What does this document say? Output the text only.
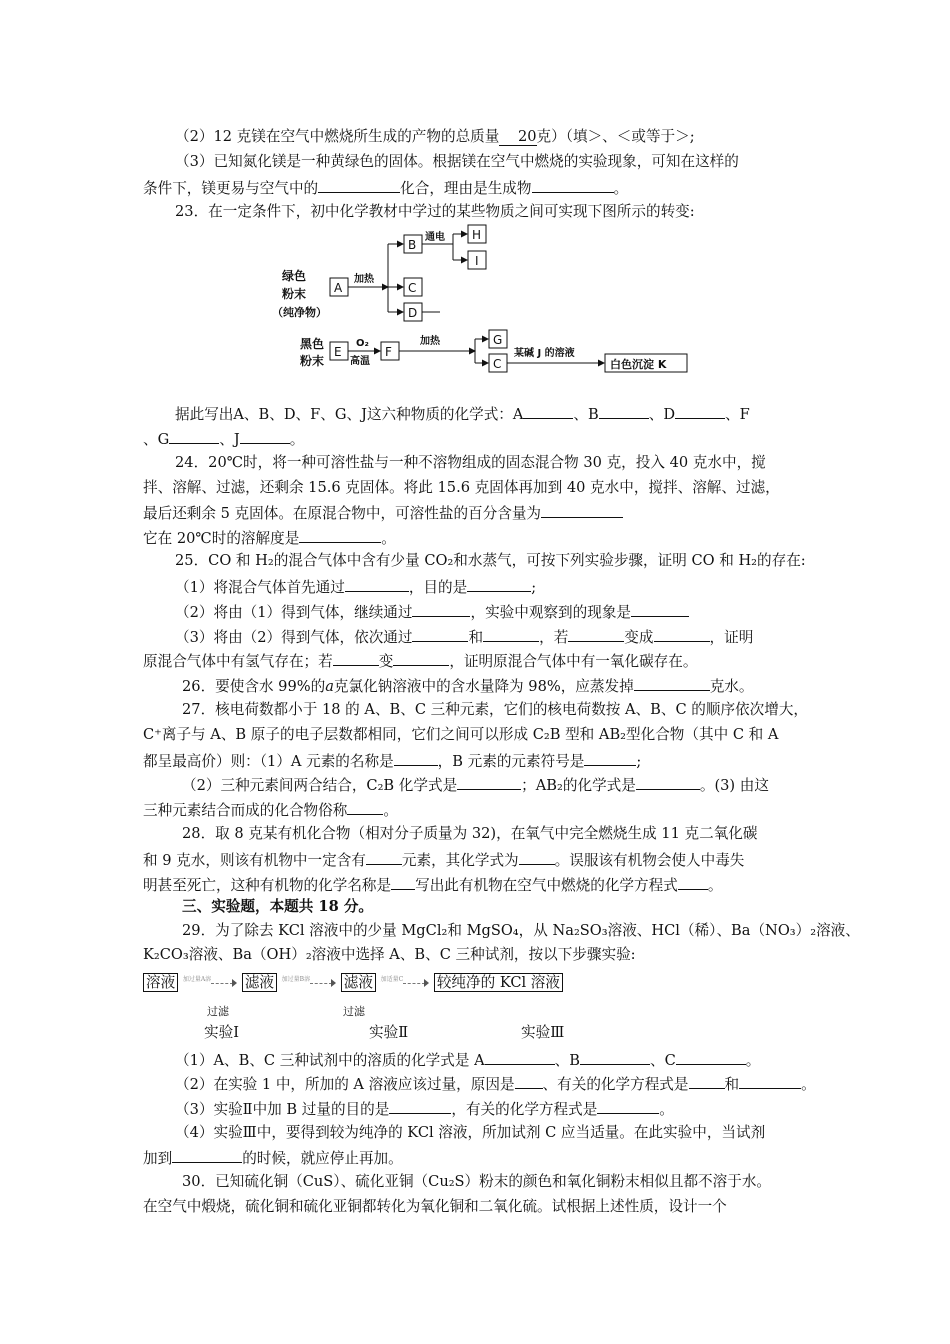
（2）12 克镁在空气中燃烧所生成的产物的总质量 20克）（填＞、＜或等于＞;
（3）已知氮化镁是一种黄绿色的固体。根据镁在空气中燃烧的实验现象，可知在这样的
条件下，镁更易与空气中的	化合，理由是生成物	。
23．在一定条件下，初中化学教材中学过的某些物质之间可实现下图所示的转变:
绿色
粉末
（纯净物）
A
加热
B
通电 H
I
C
D
黑色
粉末
E
O₂
高温
F
加热	G
C
某碱 J 的溶液
白色沉淀 K
据此写出A、B、D、F、G、J这六种物质的化学式：A	、B	、D	、F
、G	、J	。
24．20℃时，将一种可溶性盐与一种不溶物组成的固态混合物 30 克，投入 40 克水中，搅
拌、溶解、过滤，还剩余 15.6 克固体。将此 15.6 克固体再加到 40 克水中，搅拌、溶解、过滤，
最后还剩余 5 克固体。在原混合物中，可溶性盐的百分含量为
它在 20℃时的溶解度是	。
25．CO 和 H₂的混合气体中含有少量 CO₂和水蒸气，可按下列实验步骤，证明 CO 和 H₂的存在:
（1）将混合气体首先通过	，目的是	;
（2）将由（1）得到气体，继续通过	，实验中观察到的现象是
（3）将由（2）得到气体，依次通过	和	，若	变成	，证明
原混合气体中有氢气存在；若	变	，证明原混合气体中有一氧化碳存在。
26．要使含水 99%的a克氯化钠溶液中的含水量降为 98%，应蒸发掉	克水。
27．核电荷数都小于 18 的 A、B、C 三种元素，它们的核电荷数按 A、B、C 的顺序依次增大，
C⁺离子与 A、B 原子的电子层数都相同，它们之间可以形成 C₂B 型和 AB₂型化合物（其中 C 和 A
都呈最高价）则：（1）A 元素的名称是	，B 元素的元素符号是	;
（2）三种元素间两合结合，C₂B 化学式是	；AB₂的化学式是	。(3) 由这
三种元素结合而成的化合物俗称 。
28．取 8 克某有机化合物（相对分子质量为 32)，在氧气中完全燃烧生成 11 克二氧化碳
和 9 克水，则该有机物中一定含有 元素，其化学式为 。误服该有机物会使人中毒失
明甚至死亡，这种有机物的化学名称是 写出此有机物在空气中燃烧的化学方程式 。
三、实验题，本题共 18 分。
29．为了除去 KCl 溶液中的少量 MgCl₂和 MgSO₄，从 Na₂SO₃溶液、HCl（稀）、Ba（NO₃）₂溶液、
K₂CO₃溶液、Ba（OH）₂溶液中选择 A、B、C 三种试剂，按以下步骤实验:
溶液 $^{加过量A溶}$ 滤液 $^{加过量B溶}$ 滤液 $^{加适量C}$ 较纯净的 KCl 溶液
过滤	过滤
实验Ⅰ	实验Ⅱ	实验Ⅲ
（1）A、B、C 三种试剂中的溶质的化学式是 A	、B	、C	。
（2）在实验 1 中，所加的 A 溶液应该过量，原因是 、有关的化学方程式是 和	。
（3）实验Ⅱ中加 B 过量的目的是	，有关的化学方程式是	。
（4）实验Ⅲ中，要得到较为纯净的 KCl 溶液，所加试剂 C 应当适量。在此实验中，当试剂
加到	的时候，就应停止再加。
30．已知硫化铜（CuS）、硫化亚铜（Cu₂S）粉末的颜色和氧化铜粉末相似且都不溶于水。
在空气中煅烧，硫化铜和硫化亚铜都转化为氧化铜和二氧化硫。试根据上述性质，设计一个
